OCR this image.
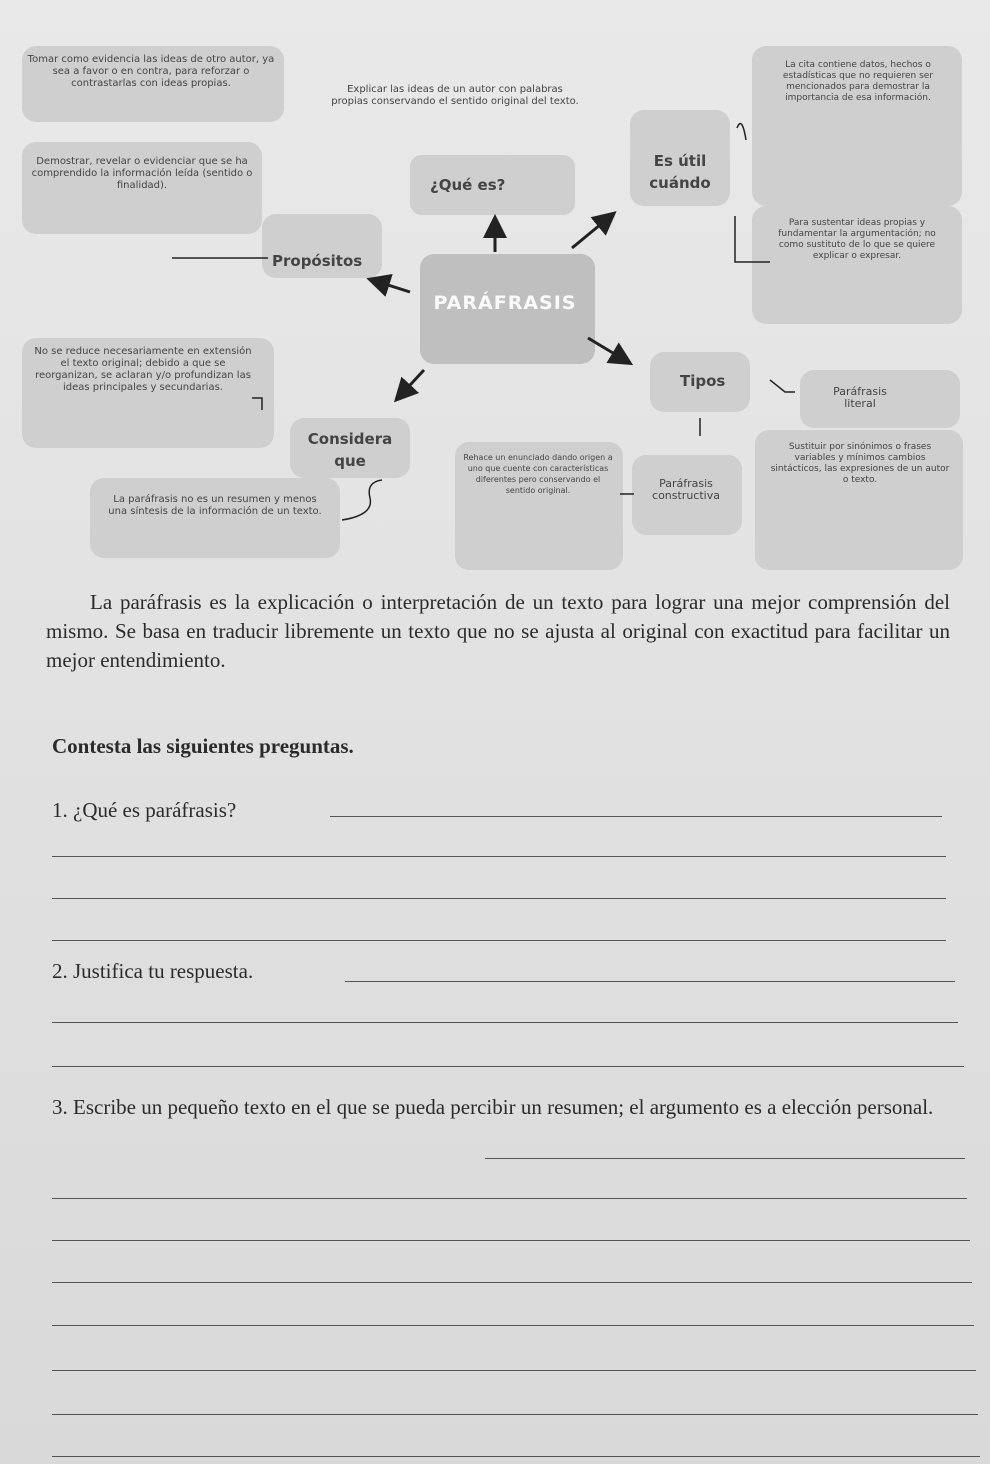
PARÁFRASIS
¿Qué es?
Es útil cuándo
Propósitos
Tipos
Considera que
Paráfrasis literal
Paráfrasis constructiva
Tomar como evidencia las ideas de otro autor, ya sea a favor o en contra, para reforzar o contrastarlas con ideas propias.
Demostrar, revelar o evidenciar que se ha comprendido la información leída (sentido o finalidad).
Explicar las ideas de un autor con palabras propias conservando el sentido original del texto.
La cita contiene datos, hechos o estadísticas que no requieren ser mencionados para demostrar la importancia de esa información.
Para sustentar ideas propias y fundamentar la argumentación; no como sustituto de lo que se quiere explicar o expresar.
No se reduce necesariamente en extensión el texto original; debido a que se reorganizan, se aclaran y/o profundizan las ideas principales y secundarias.
La paráfrasis no es un resumen y menos una síntesis de la información de un texto.
Rehace un enunciado dando origen a uno que cuente con características diferentes pero conservando el sentido original.
Sustituir por sinónimos o frases variables y mínimos cambios sintácticos, las expresiones de un autor o texto.
La paráfrasis es la explicación o interpretación de un texto para lograr una mejor comprensión del mismo. Se basa en traducir libremente un texto que no se ajusta al original con exactitud para facilitar un mejor entendimiento.
Contesta las siguientes preguntas.
1. ¿Qué es paráfrasis?
2. Justifica tu respuesta.
3. Escribe un pequeño texto en el que se pueda percibir un resumen; el argumento es a elección personal.
